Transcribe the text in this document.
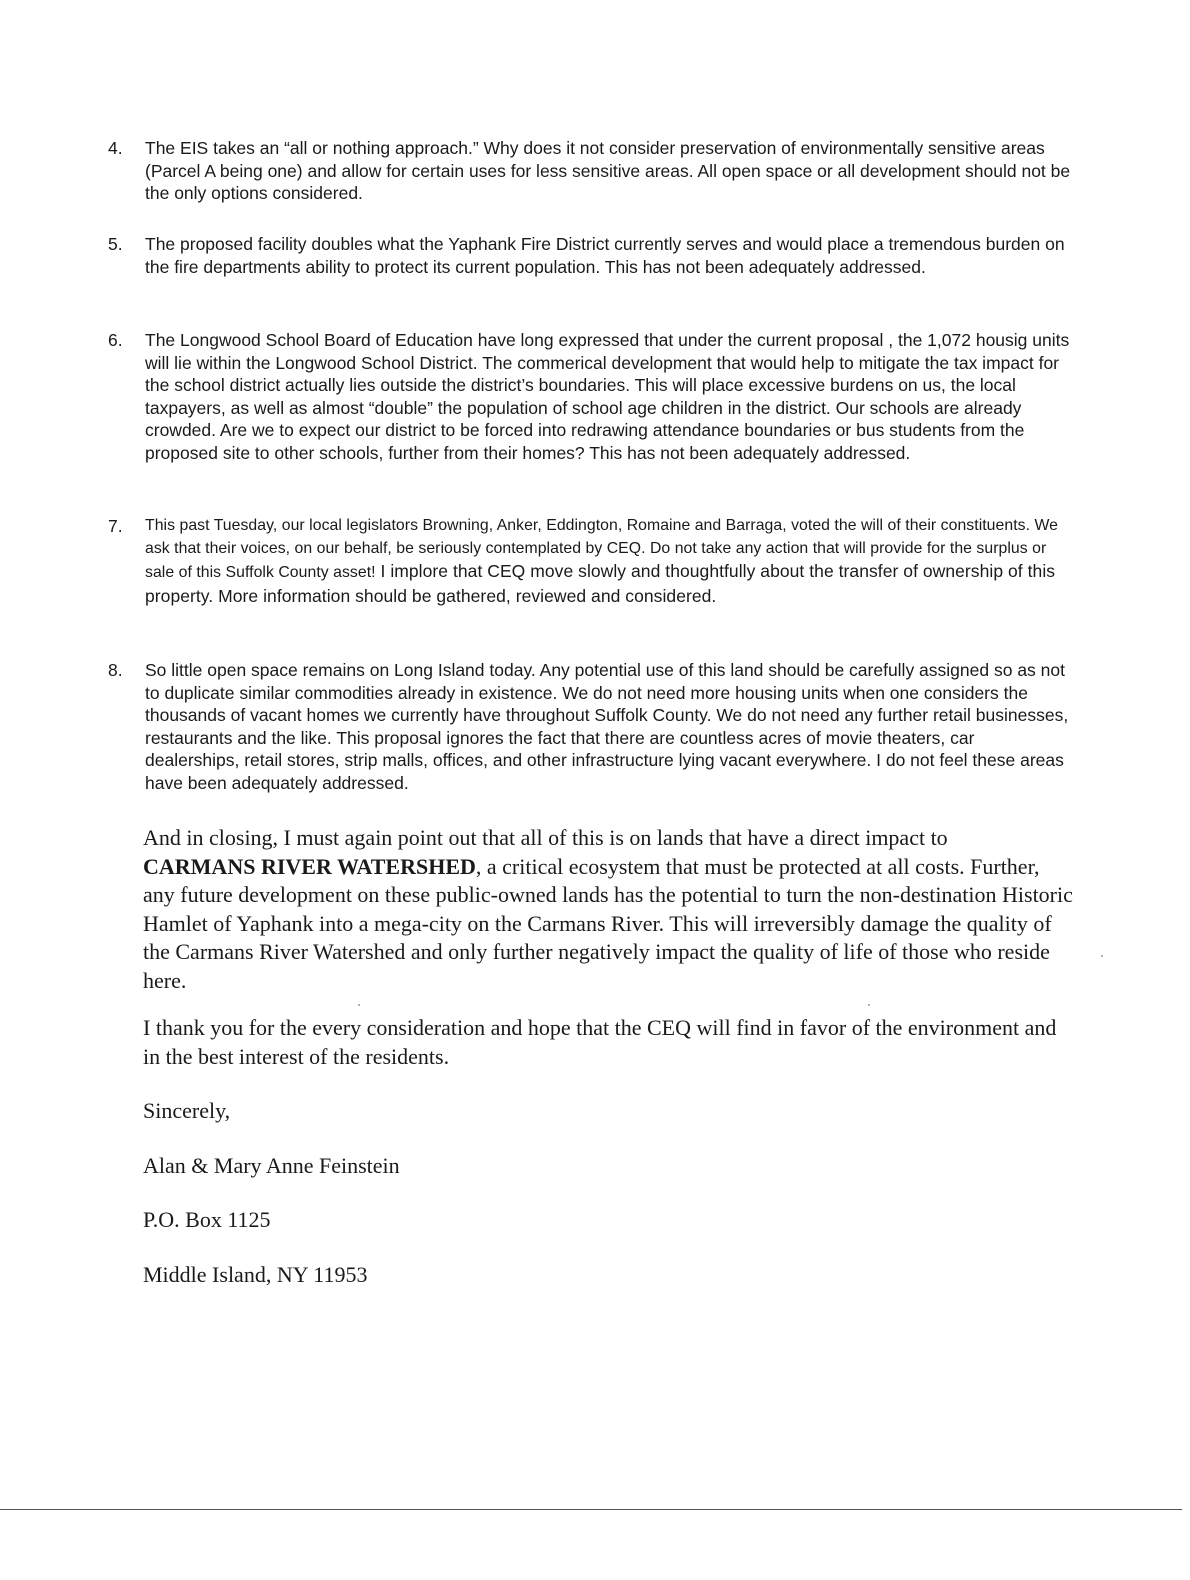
4. The EIS takes an “all or nothing approach.” Why does it not consider preservation of environmentally sensitive areas (Parcel A being one) and allow for certain uses for less sensitive areas. All open space or all development should not be the only options considered.
5. The proposed facility doubles what the Yaphank Fire District currently serves and would place a tremendous burden on the fire departments ability to protect its current population. This has not been adequately addressed.
6. The Longwood School Board of Education have long expressed that under the current proposal , the 1,072 housig units will lie within the Longwood School District. The commerical development that would help to mitigate the tax impact for the school district actually lies outside the district’s boundaries. This will place excessive burdens on us, the local taxpayers, as well as almost “double” the population of school age children in the district. Our schools are already crowded. Are we to expect our district to be forced into redrawing attendance boundaries or bus students from the proposed site to other schools, further from their homes? This has not been adequately addressed.
7. This past Tuesday, our local legislators Browning, Anker, Eddington, Romaine and Barraga, voted the will of their constituents. We ask that their voices, on our behalf, be seriously contemplated by CEQ. Do not take any action that will provide for the surplus or sale of this Suffolk County asset! I implore that CEQ move slowly and thoughtfully about the transfer of ownership of this property. More information should be gathered, reviewed and considered.
8. So little open space remains on Long Island today. Any potential use of this land should be carefully assigned so as not to duplicate similar commodities already in existence. We do not need more housing units when one considers the thousands of vacant homes we currently have throughout Suffolk County. We do not need any further retail businesses, restaurants and the like. This proposal ignores the fact that there are countless acres of movie theaters, car dealerships, retail stores, strip malls, offices, and other infrastructure lying vacant everywhere. I do not feel these areas have been adequately addressed.
And in closing, I must again point out that all of this is on lands that have a direct impact to
CARMANS RIVER WATERSHED, a critical ecosystem that must be protected at all costs. Further, any future development on these public-owned lands has the potential to turn the non-destination Historic Hamlet of Yaphank into a mega-city on the Carmans River. This will irreversibly damage the quality of the Carmans River Watershed and only further negatively impact the quality of life of those who reside here.
I thank you for the every consideration and hope that the CEQ will find in favor of the environment and in the best interest of the residents.
Sincerely,
Alan & Mary Anne Feinstein
P.O. Box 1125
Middle Island, NY 11953
